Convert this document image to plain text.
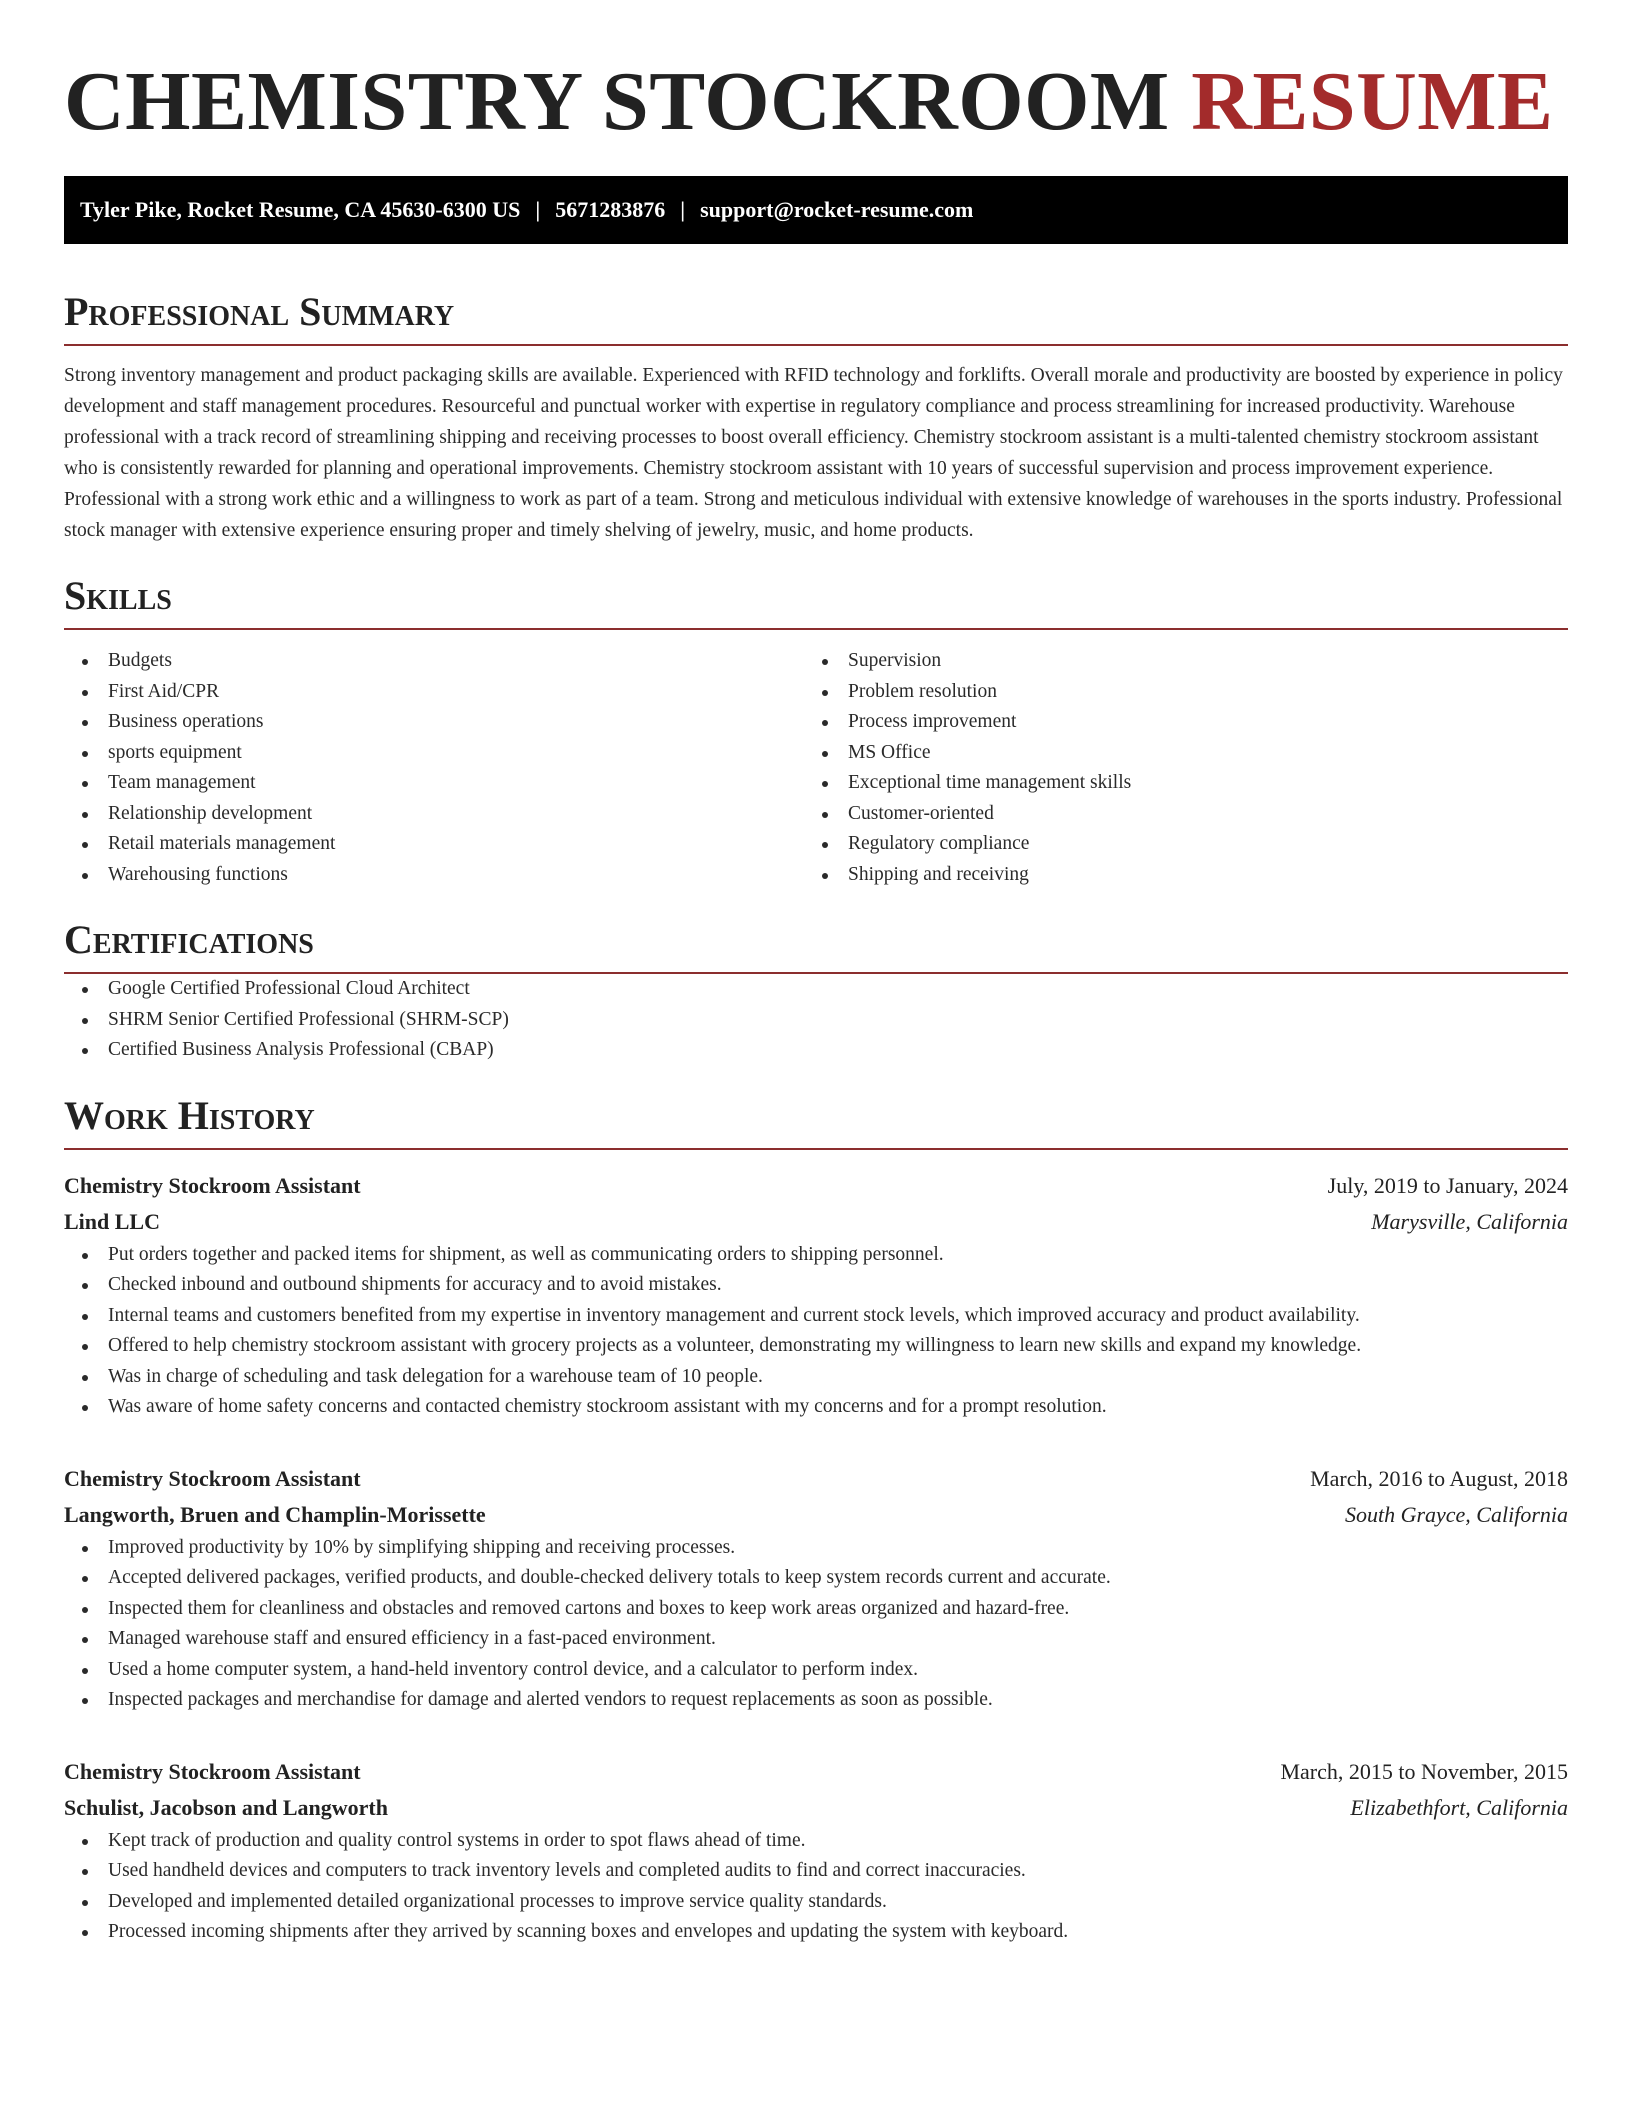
CHEMISTRY STOCKROOM RESUME
Tyler Pike, Rocket Resume, CA 45630-6300 US | 5671283876 | support@rocket-resume.com
Professional Summary

Strong inventory management and product packaging skills are available. Experienced with RFID technology and forklifts. Overall morale and productivity are boosted by experience in policy development and staff management procedures. Resourceful and punctual worker with expertise in regulatory compliance and process streamlining for increased productivity. Warehouse professional with a track record of streamlining shipping and receiving processes to boost overall efficiency. Chemistry stockroom assistant is a multi-talented chemistry stockroom assistant who is consistently rewarded for planning and operational improvements. Chemistry stockroom assistant with 10 years of successful supervision and process improvement experience. Professional with a strong work ethic and a willingness to work as part of a team. Strong and meticulous individual with extensive knowledge of warehouses in the sports industry. Professional stock manager with extensive experience ensuring proper and timely shelving of jewelry, music, and home products.

Skills
Budgets
First Aid/CPR
Business operations
sports equipment
Team management
Relationship development
Retail materials management
Warehousing functions
Supervision
Problem resolution
Process improvement
MS Office
Exceptional time management skills
Customer-oriented
Regulatory compliance
Shipping and receiving
Certifications
Google Certified Professional Cloud Architect
SHRM Senior Certified Professional (SHRM-SCP)
Certified Business Analysis Professional (CBAP)
Work History
Chemistry Stockroom Assistant	July, 2019 to January, 2024
Lind LLC	Marysville, California
Put orders together and packed items for shipment, as well as communicating orders to shipping personnel.
Checked inbound and outbound shipments for accuracy and to avoid mistakes.
Internal teams and customers benefited from my expertise in inventory management and current stock levels, which improved accuracy and product availability.
Offered to help chemistry stockroom assistant with grocery projects as a volunteer, demonstrating my willingness to learn new skills and expand my knowledge.
Was in charge of scheduling and task delegation for a warehouse team of 10 people.
Was aware of home safety concerns and contacted chemistry stockroom assistant with my concerns and for a prompt resolution.
Chemistry Stockroom Assistant	March, 2016 to August, 2018
Langworth, Bruen and Champlin-Morissette	South Grayce, California
Improved productivity by 10% by simplifying shipping and receiving processes.
Accepted delivered packages, verified products, and double-checked delivery totals to keep system records current and accurate.
Inspected them for cleanliness and obstacles and removed cartons and boxes to keep work areas organized and hazard-free.
Managed warehouse staff and ensured efficiency in a fast-paced environment.
Used a home computer system, a hand-held inventory control device, and a calculator to perform index.
Inspected packages and merchandise for damage and alerted vendors to request replacements as soon as possible.
Chemistry Stockroom Assistant	March, 2015 to November, 2015
Schulist, Jacobson and Langworth	Elizabethfort, California
Kept track of production and quality control systems in order to spot flaws ahead of time.
Used handheld devices and computers to track inventory levels and completed audits to find and correct inaccuracies.
Developed and implemented detailed organizational processes to improve service quality standards.
Processed incoming shipments after they arrived by scanning boxes and envelopes and updating the system with keyboard.
